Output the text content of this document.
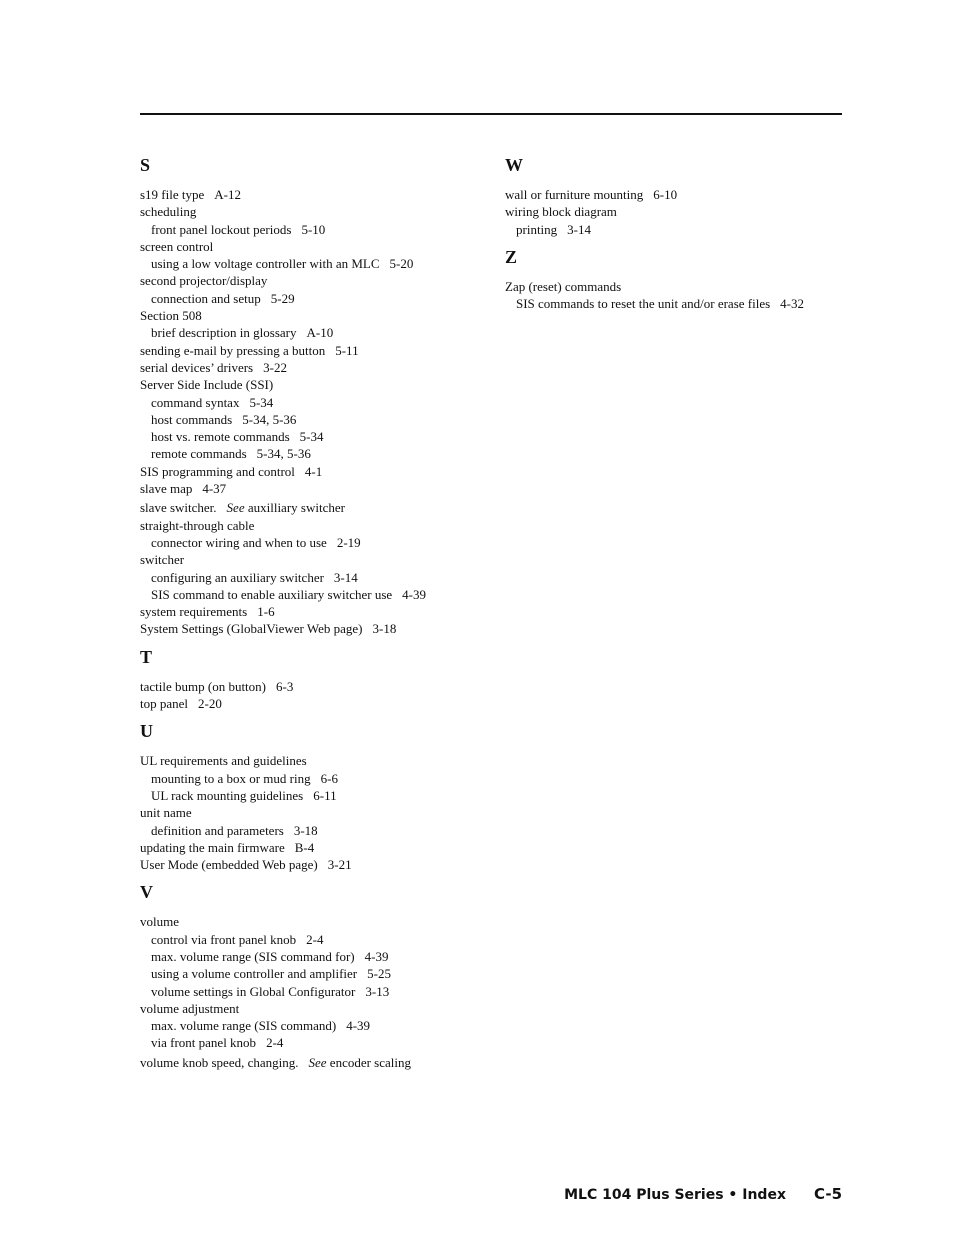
S
s19 file type A-12
scheduling
front panel lockout periods 5-10
screen control
using a low voltage controller with an MLC 5-20
second projector/display
connection and setup 5-29
Section 508
brief description in glossary A-10
sending e-mail by pressing a button 5-11
serial devices’ drivers 3-22
Server Side Include (SSI)
command syntax 5-34
host commands 5-34, 5-36
host vs. remote commands 5-34
remote commands 5-34, 5-36
SIS programming and control 4-1
slave map 4-37
slave switcher. See auxilliary switcher
straight-through cable
connector wiring and when to use 2-19
switcher
configuring an auxiliary switcher 3-14
SIS command to enable auxiliary switcher use 4-39
system requirements 1-6
System Settings (GlobalViewer Web page) 3-18
T
tactile bump (on button) 6-3
top panel 2-20
U
UL requirements and guidelines
mounting to a box or mud ring 6-6
UL rack mounting guidelines 6-11
unit name
definition and parameters 3-18
updating the main firmware B-4
User Mode (embedded Web page) 3-21
V
volume
control via front panel knob 2-4
max. volume range (SIS command for) 4-39
using a volume controller and amplifier 5-25
volume settings in Global Configurator 3-13
volume adjustment
max. volume range (SIS command) 4-39
via front panel knob 2-4
volume knob speed, changing. See encoder scaling
W
wall or furniture mounting 6-10
wiring block diagram
printing 3-14
Z
Zap (reset) commands
SIS commands to reset the unit and/or erase files 4-32
MLC 104 Plus Series • Index C-5
